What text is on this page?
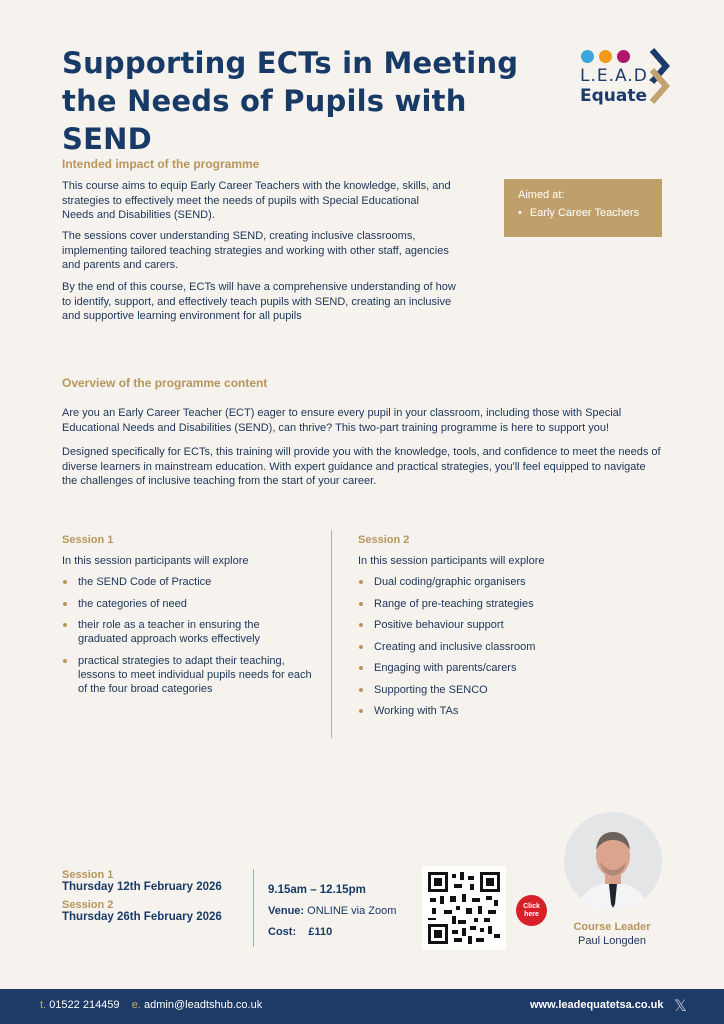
Supporting ECTs in Meeting
the Needs of Pupils with SEND
L.E.A.D.
Equate
Intended impact of the programme
This course aims to equip Early Career Teachers with the knowledge, skills, and strategies to effectively meet the needs of pupils with Special Educational Needs and Disabilities (SEND).
The sessions cover understanding SEND, creating inclusive classrooms, implementing tailored teaching strategies and working with other staff, agencies and parents and carers.
By the end of this course, ECTs will have a comprehensive understanding of how to identify, support, and effectively teach pupils with SEND, creating an inclusive and supportive learning environment for all pupils
Aimed at:
• Early Career Teachers
Overview of the programme content
Are you an Early Career Teacher (ECT) eager to ensure every pupil in your classroom, including those with Special Educational Needs and Disabilities (SEND), can thrive? This two-part training programme is here to support you!
Designed specifically for ECTs, this training will provide you with the knowledge, tools, and confidence to meet the needs of diverse learners in mainstream education. With expert guidance and practical strategies, you'll feel equipped to navigate the challenges of inclusive teaching from the start of your career.
Session 1
In this session participants will explore
the SEND Code of Practice
the categories of need
their role as a teacher in ensuring the graduated approach works effectively
practical strategies to adapt their teaching, lessons to meet individual pupils needs for each of the four broad categories
Session 2
In this session participants will explore
Dual coding/graphic organisers
Range of pre-teaching strategies
Positive behaviour support
Creating and inclusive classroom
Engaging with parents/carers
Supporting the SENCO
Working with TAs
Session 1
Thursday 12th February 2026
Session 2
Thursday 26th February 2026
9.15am – 12.15pm
Venue: ONLINE via Zoom
Cost: £110
Click here
Course Leader
Paul Longden
t. 01522 214459 e. admin@leadtshub.co.uk	www.leadequatetsa.co.uk 𝕏
